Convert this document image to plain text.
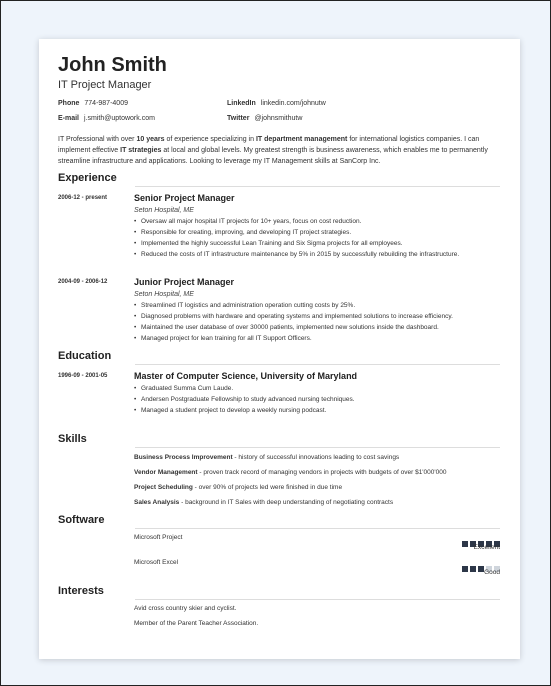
John Smith
IT Project Manager
Phone 774-987-4009	LinkedIn linkedin.com/johnutw
E-mail j.smith@uptowork.com	Twitter @johnsmithutw
IT Professional with over 10 years of experience specializing in IT department management for international logistics companies. I can implement effective IT strategies at local and global levels. My greatest strength is business awareness, which enables me to permanently streamline infrastructure and applications. Looking to leverage my IT Management skills at SanCorp Inc.
Experience
2006-12 - present	Senior Project Manager
Seton Hospital, ME
• Oversaw all major hospital IT projects for 10+ years, focus on cost reduction.
• Responsible for creating, improving, and developing IT project strategies.
• Implemented the highly successful Lean Training and Six Sigma projects for all employees.
• Reduced the costs of IT infrastructure maintenance by 5% in 2015 by successfully rebuilding the infrastructure.
2004-09 - 2006-12	Junior Project Manager
Seton Hospital, ME
• Streamlined IT logistics and administration operation cutting costs by 25%.
• Diagnosed problems with hardware and operating systems and implemented solutions to increase efficiency.
• Maintained the user database of over 30000 patients, implemented new solutions inside the dashboard.
• Managed project for lean training for all IT Support Officers.
Education
1996-09 - 2001-05	Master of Computer Science, University of Maryland
• Graduated Summa Cum Laude.
• Andersen Postgraduate Fellowship to study advanced nursing techniques.
• Managed a student project to develop a weekly nursing podcast.
Skills
Business Process Improvement - history of successful innovations leading to cost savings
Vendor Management - proven track record of managing vendors in projects with budgets of over $1'000'000
Project Scheduling - over 90% of projects led were finished in due time
Sales Analysis - background in IT Sales with deep understanding of negotiating contracts
Software
Microsoft Project
Excellent
Microsoft Excel
Good
Interests
Avid cross country skier and cyclist.
Member of the Parent Teacher Association.
